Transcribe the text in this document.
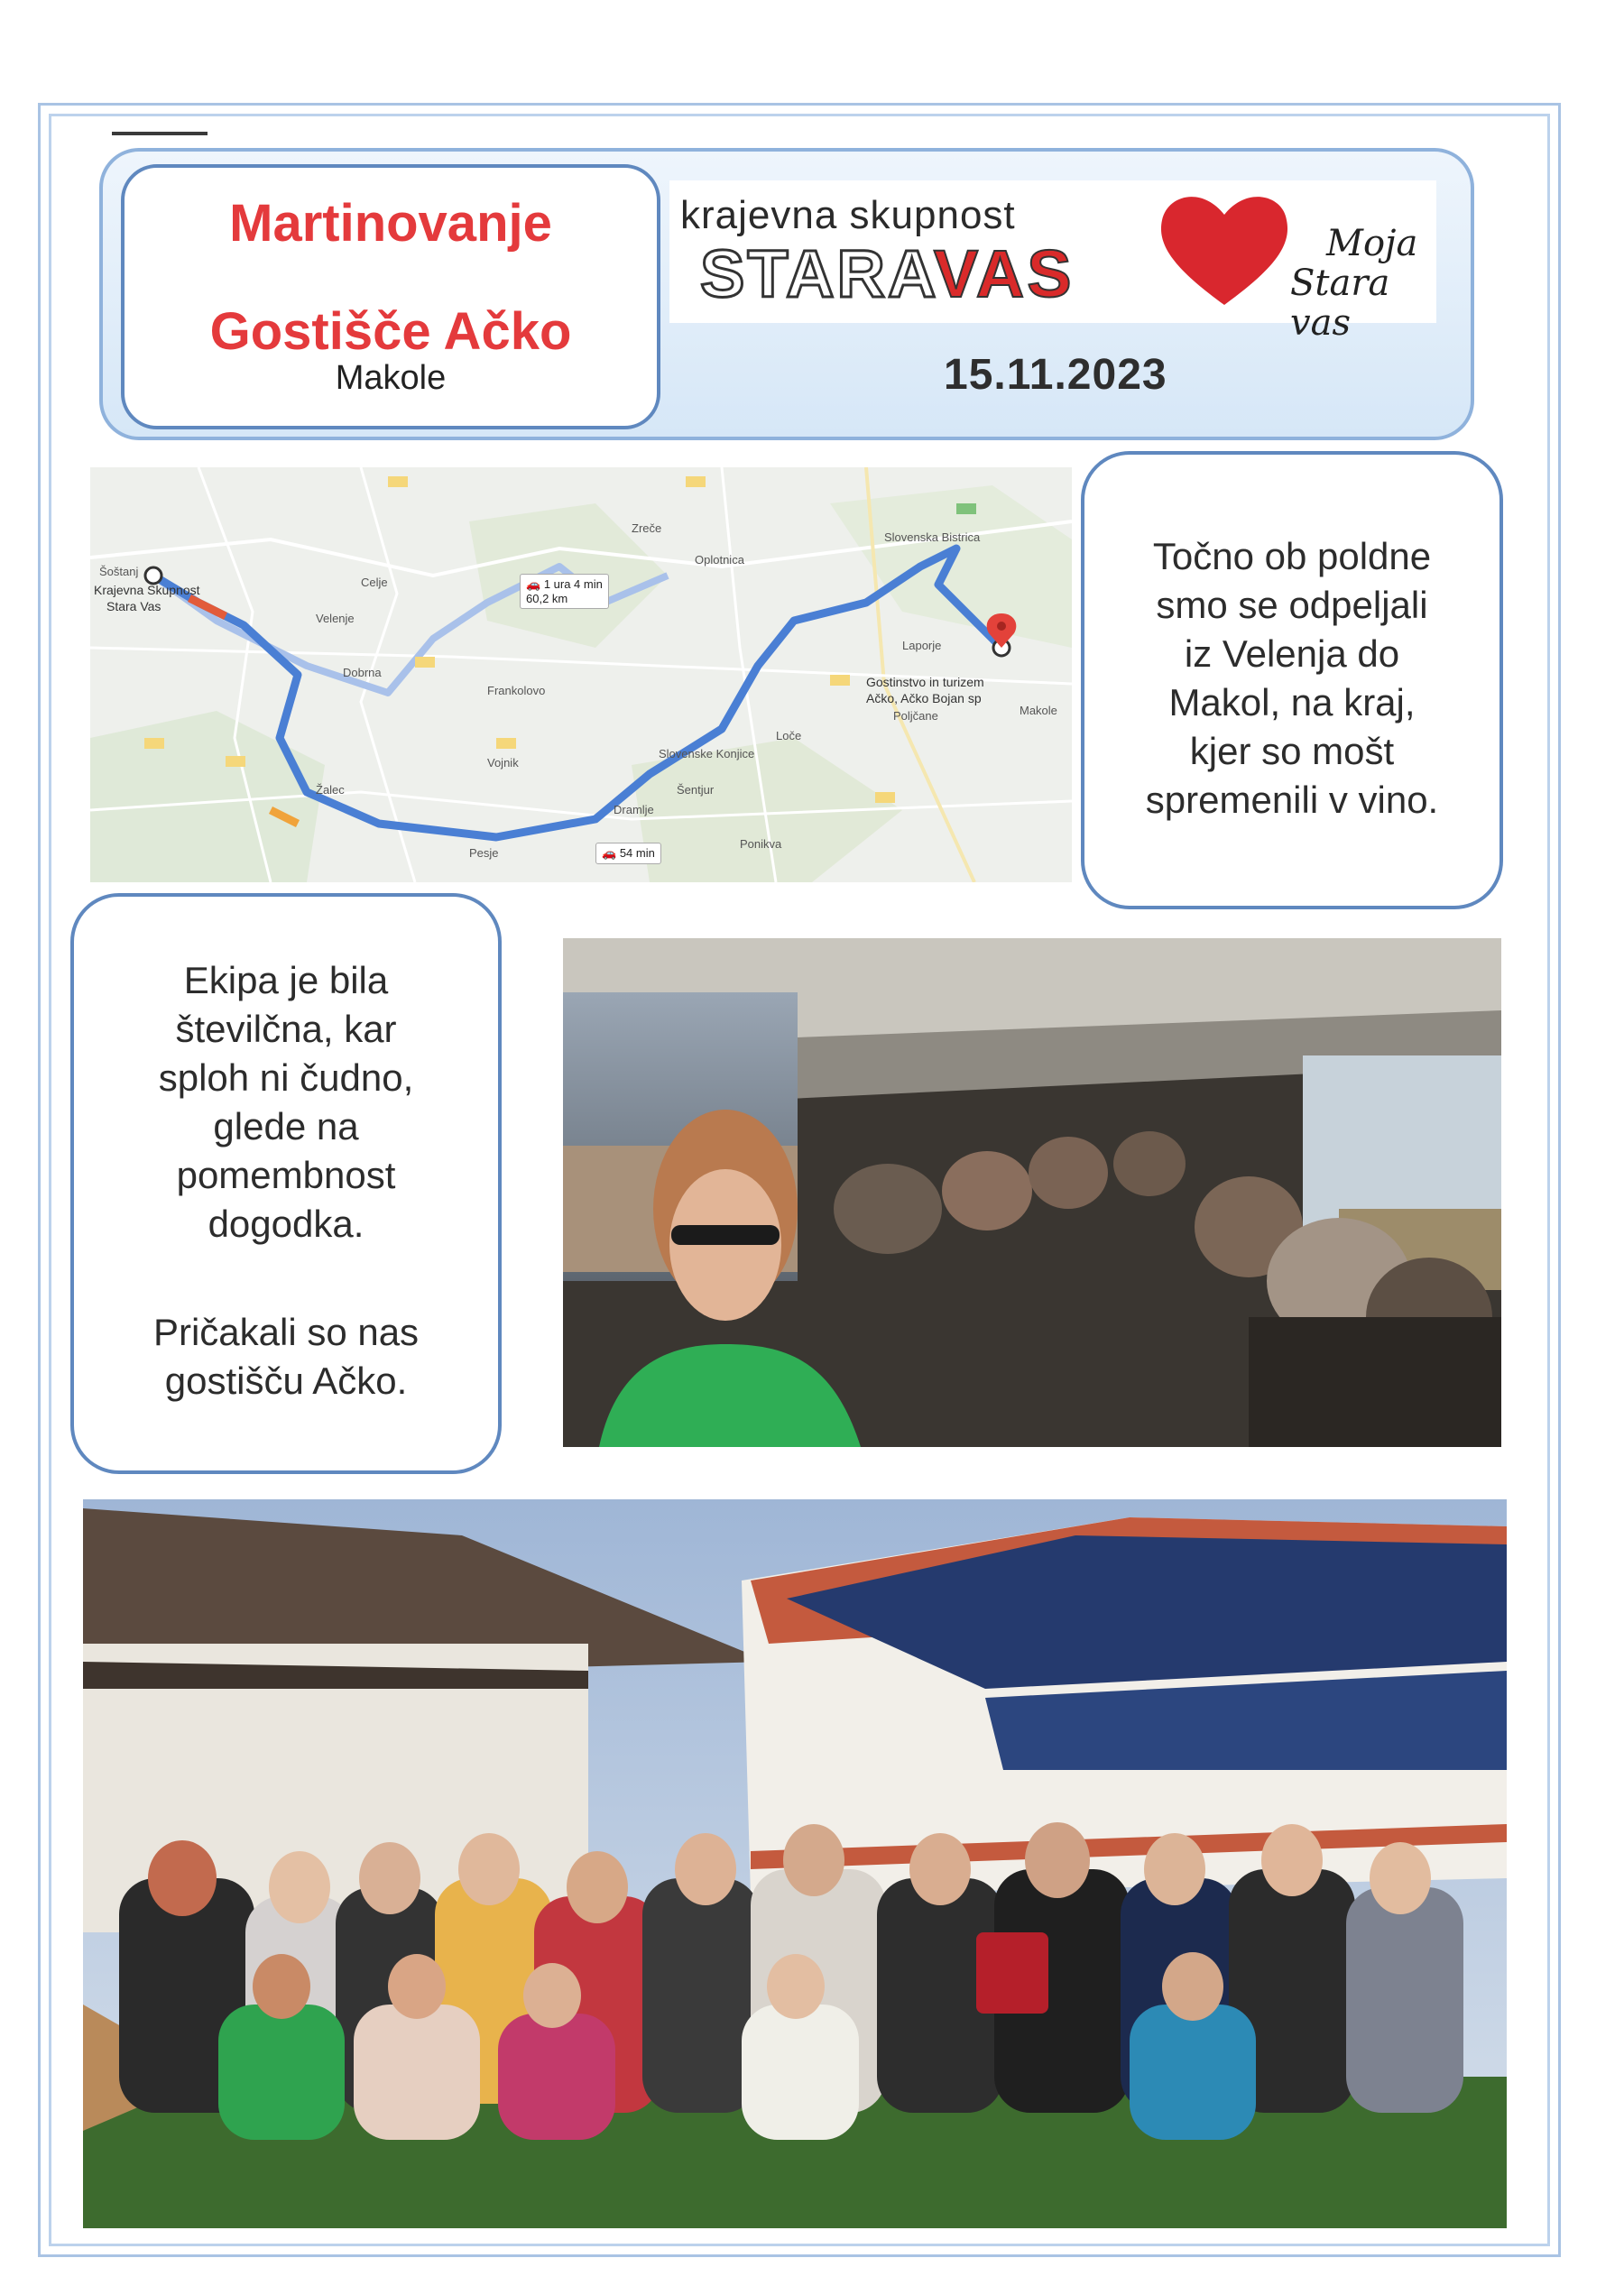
Martinovanje
Gostišče Ačko
Makole
krajevna skupnost
STARAVAS	Moja
Stara vas
15.11.2023
Krajevna Skupnost
Stara Vas
Gostinstvo in turizem
Ačko, Ačko Bojan sp
🚗 1 ura 4 min
60,2 km
🚗 54 min
Velenje
Celje
Slovenske Konjice
Oplotnica
Loče
Žalec
Vojnik
Dobrna
Frankolovo
Poljčane	Makole
Laporje
Slovenska Bistrica
Šoštanj
Dramlje
Ponikva
Pesje
Šentjur
Zreče
Točno ob poldne
smo se odpeljali
iz Velenja do
Makol, na kraj,
kjer so mošt
spremenili v vino.
Ekipa je bila
številčna, kar
sploh ni čudno,
glede na
pomembnost
dogodka.
Pričakali so nas
gostišču Ačko.
